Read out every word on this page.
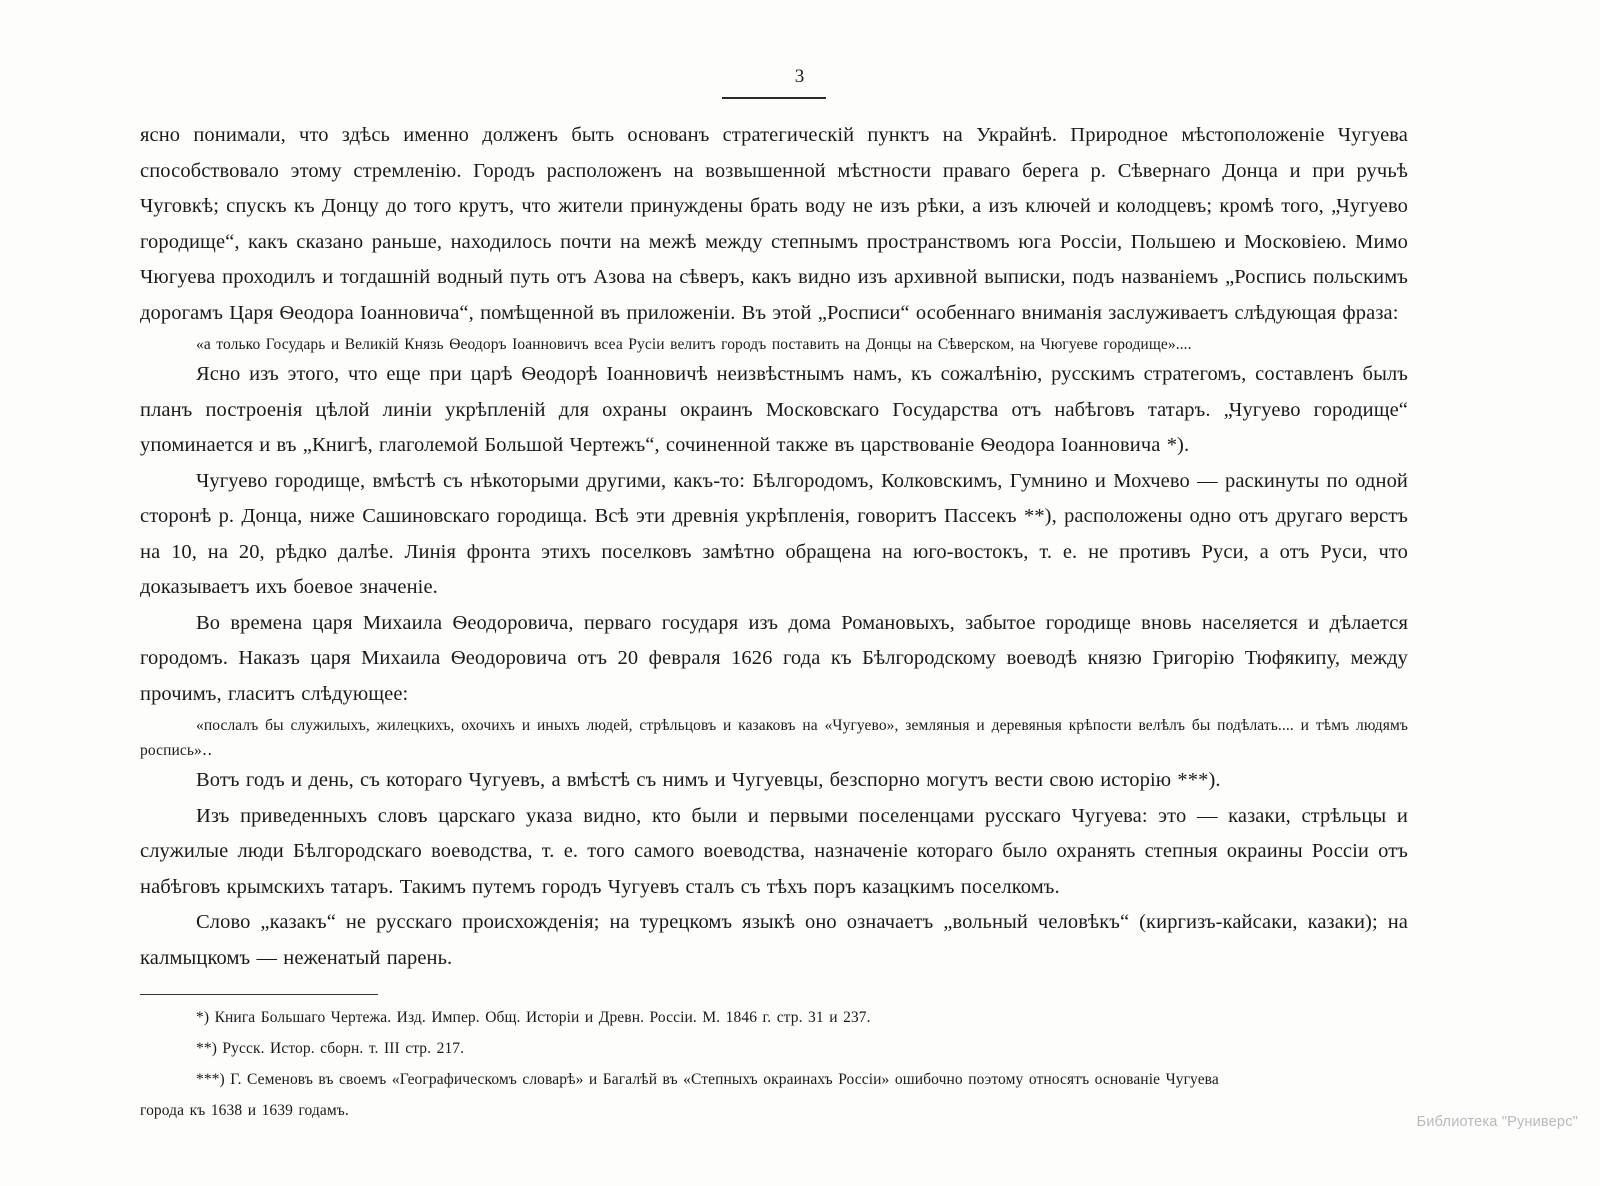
3

ясно понимали, что здѣсь именно долженъ быть основанъ стратегическій пунктъ на Украйнѣ. Природное мѣстоположеніе Чугуева способствовало этому стремленію. Городъ расположенъ на возвышенной мѣстности праваго берега р. Сѣвернаго Донца и при ручьѣ Чуговкѣ; спускъ къ Донцу до того крутъ, что жители принуждены брать воду не изъ рѣки, а изъ ключей и колодцевъ; кромѣ того, „Чугуево городище“, какъ сказано раньше, находилось почти на межѣ между степнымъ пространствомъ юга Россіи, Польшею и Московіею. Мимо Чюгуева проходилъ и тогдашній водный путь отъ Азова на сѣверъ, какъ видно изъ архивной выписки, подъ названіемъ „Роспись польскимъ дорогамъ Царя Ѳеодора Іоанновича“, помѣщенной въ приложеніи. Въ этой „Росписи“ особеннаго вниманія заслуживаетъ слѣдующая фраза:

«а только Государь и Великій Князь Ѳеодоръ Іоанновичъ всеа Русіи велитъ городъ поставить на Донцы на Сѣверском, на Чюгуеве городище»....

Ясно изъ этого, что еще при царѣ Ѳеодорѣ Іоанновичѣ неизвѣстнымъ намъ, къ сожалѣнію, русскимъ стратегомъ, составленъ былъ планъ построенія цѣлой линіи укрѣпленій для охраны окраинъ Московскаго Государства отъ набѣговъ татаръ. „Чугуево городище“ упоминается и въ „Книгѣ, глаголемой Большой Чертежъ“, сочиненной также въ царствованіе Ѳеодора Іоанновича *).

Чугуево городище, вмѣстѣ съ нѣкоторыми другими, какъ-то: Бѣлгородомъ, Колковскимъ, Гумнино и Мохчево — раскинуты по одной сторонѣ р. Донца, ниже Сашиновскаго городища. Всѣ эти древнія укрѣпленія, говоритъ Пассекъ **), расположены одно отъ другаго верстъ на 10, на 20, рѣдко далѣе. Линія фронта этихъ поселковъ замѣтно обращена на юго-востокъ, т. е. не противъ Руси, а отъ Руси, что доказываетъ ихъ боевое значеніе.

Во времена царя Михаила Ѳеодоровича, перваго государя изъ дома Романовыхъ, забытое городище вновь населяется и дѣлается городомъ. Наказъ царя Михаила Ѳеодоровича отъ 20 февраля 1626 года къ Бѣлгородскому воеводѣ князю Григорію Тюфякипу, между прочимъ, гласитъ слѣдующее:

«послалъ бы служилыхъ, жилецкихъ, охочихъ и иныхъ людей, стрѣльцовъ и казаковъ на «Чугуево», земляныя и деревяныя крѣпости велѣлъ бы подѣлать.... и тѣмъ людямъ роспись»․․

Вотъ годъ и день, съ котораго Чугуевъ, а вмѣстѣ съ нимъ и Чугуевцы, безспорно могутъ вести свою исторію ***).

Изъ приведенныхъ словъ царскаго указа видно, кто были и первыми поселенцами русскаго Чугуева: это — казаки, стрѣльцы и служилые люди Бѣлгородскаго воеводства, т. е. того самого воеводства, назначеніе котораго было охранять степныя окраины Россіи отъ набѣговъ крымскихъ татаръ. Такимъ путемъ городъ Чугуевъ сталъ съ тѣхъ поръ казацкимъ поселкомъ.

Слово „казакъ“ не русскаго происхожденія; на турецкомъ языкѣ оно означаетъ „вольный человѣкъ“ (киргизъ-кайсаки, казаки); на калмыцкомъ — неженатый парень.

*) Книга Большаго Чертежа. Изд. Импер. Общ. Исторіи и Древн. Россіи. М. 1846 г. стр. 31 и 237.

**) Русск. Истор. сборн. т. III стр. 217.

***) Г. Семеновъ въ своемъ «Географическомъ словарѣ» и Багалѣй въ «Степныхъ окраинахъ Россіи» ошибочно поэтому относятъ основаніе Чугуева

города къ 1638 и 1639 годамъ.

Библиотека "Руниверс"
